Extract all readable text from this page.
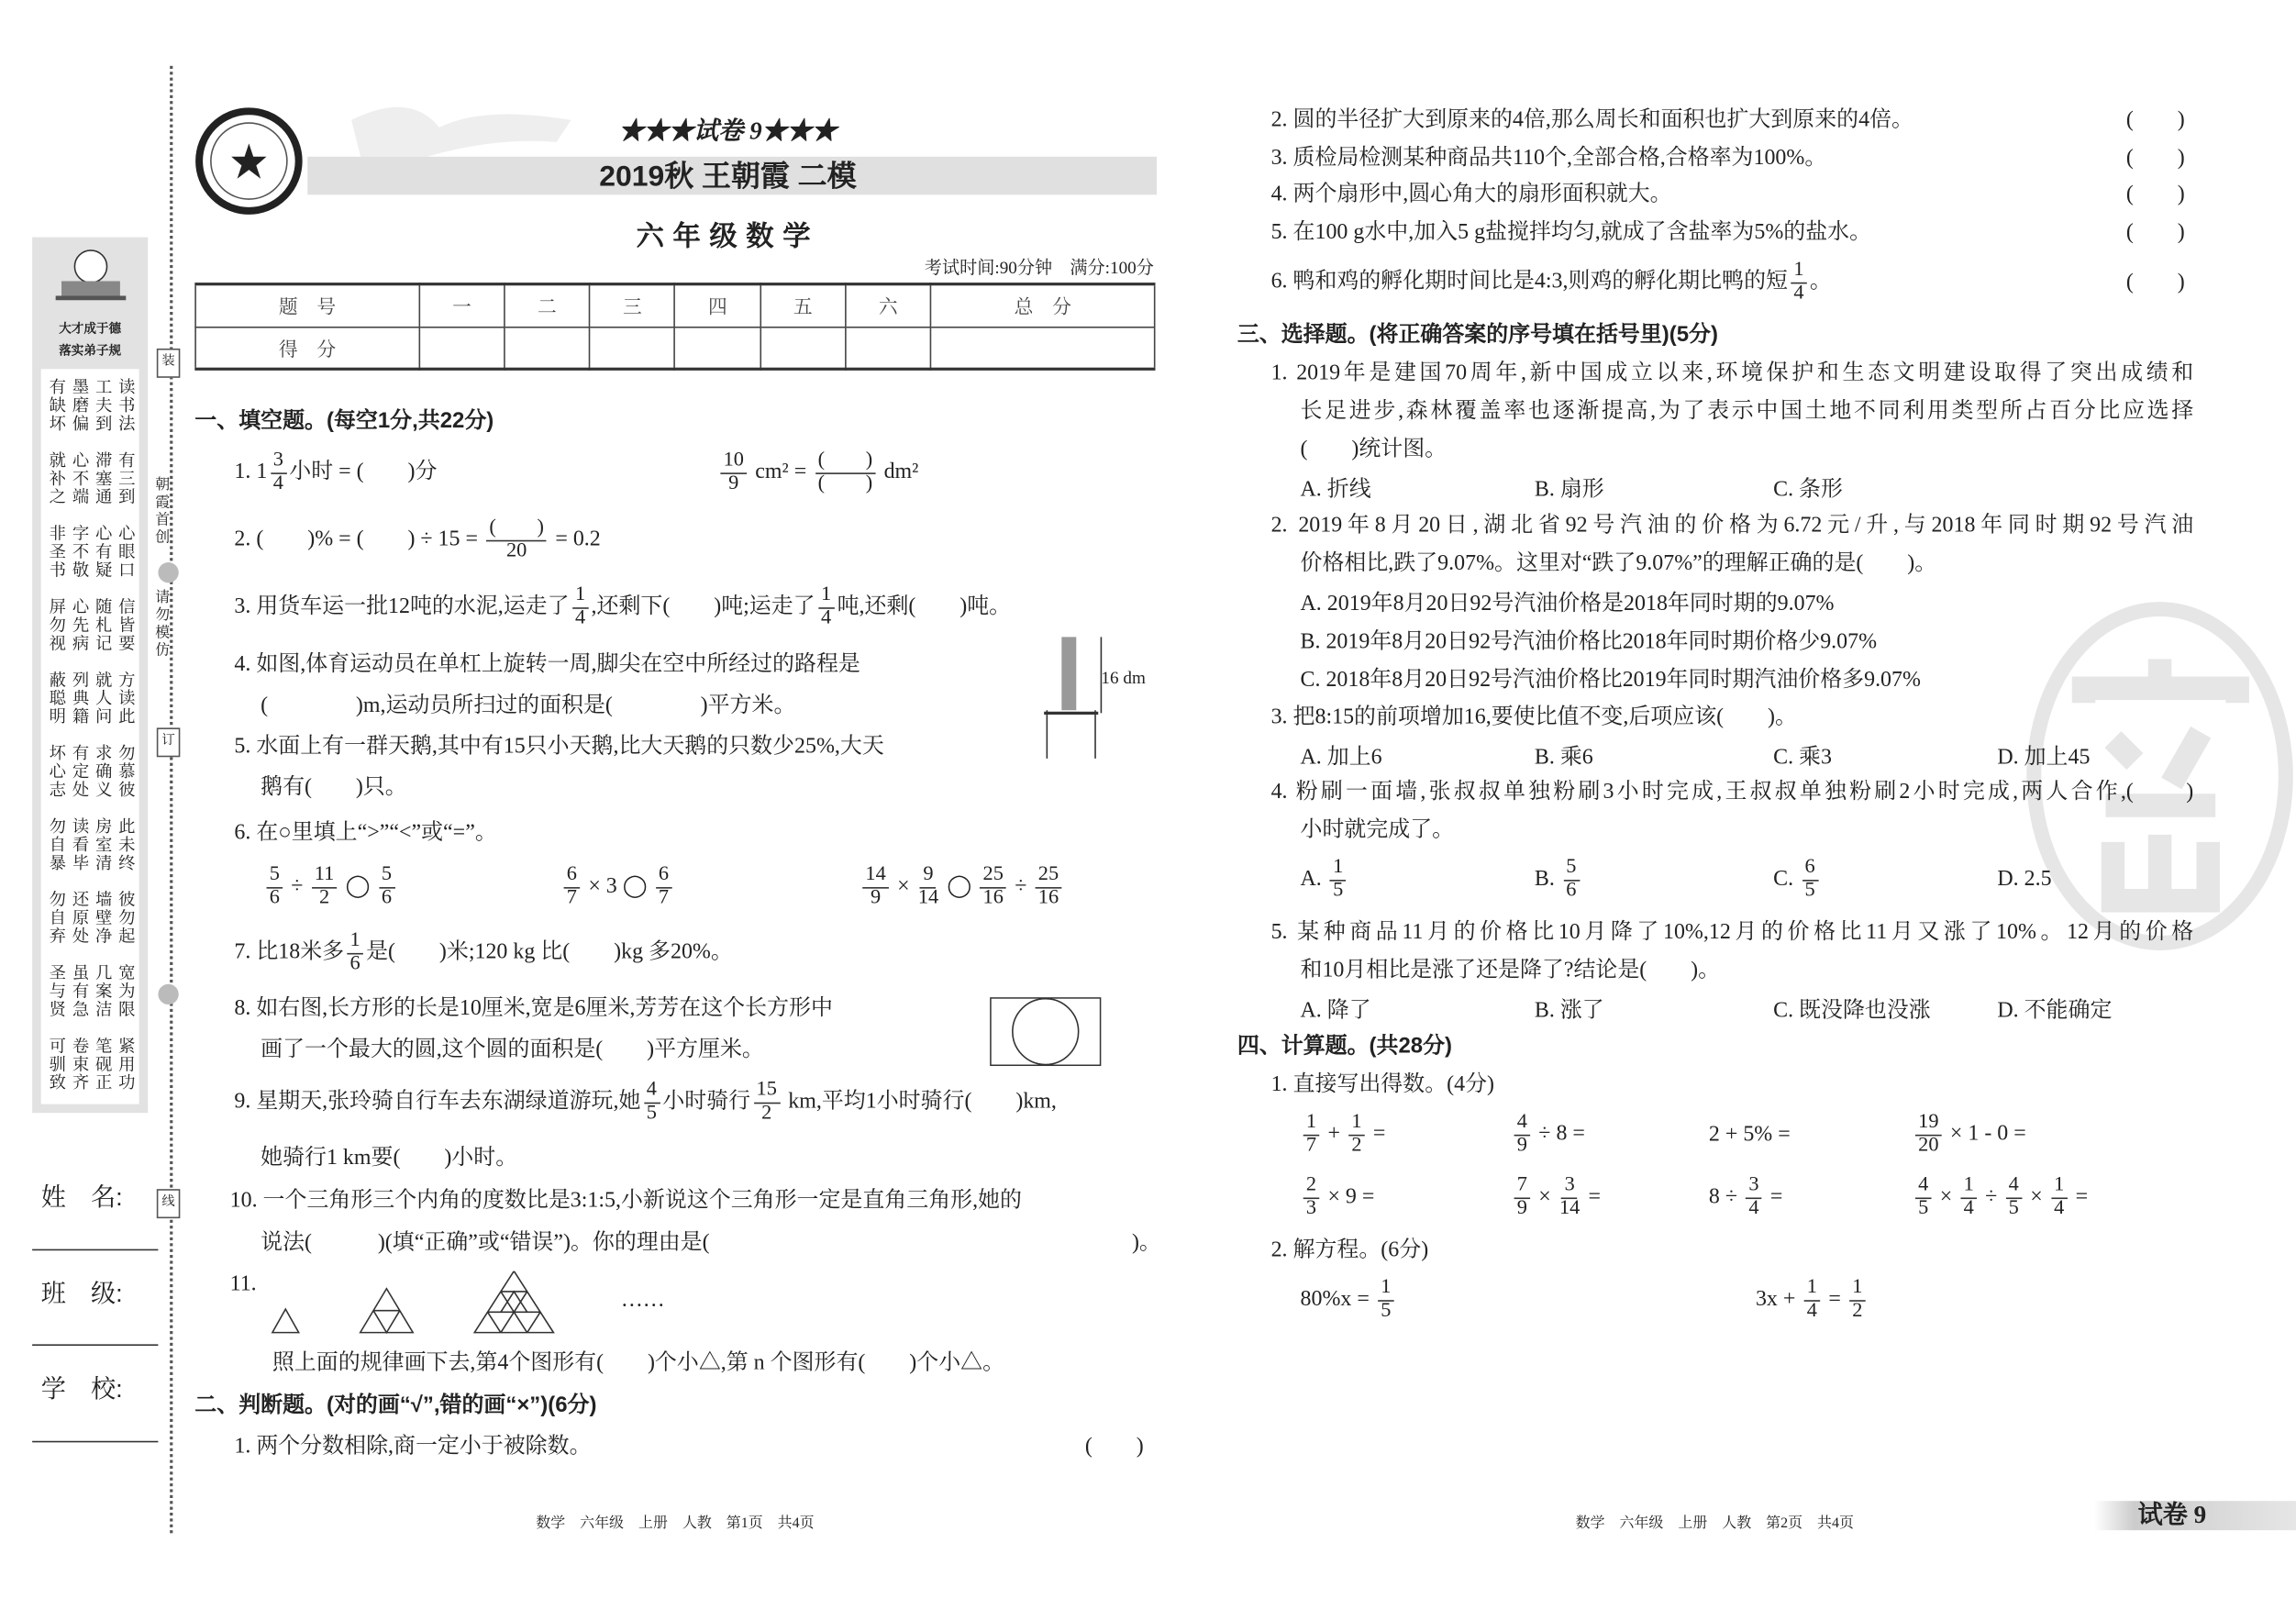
装
朝霞首创
请勿模仿
订
线
大才成于德
落实弟子规
有缺坏 墨磨偏 工夫到 读书法
就补之 心不端 滞塞通 有三到
非圣书 字不敬 心有疑 心眼口
屏勿视 心先病 随札记 信皆要
蔽聪明 列典籍 就人问 方读此
坏心志 有定处 求确义 勿慕彼
勿自暴 读看毕 房室清 此未终
勿自弃 还原处 墙壁净 彼勿起
圣与贤 虽有急 几案洁 宽为限
可驯致 卷束齐 笔砚正 紧用功
姓　名:
班　级:
学　校:
★★★试卷 9★★★
2019秋 王朝霞 二模
六年级数学
考试时间:90分钟　满分:100分
题　号	一	二	三	四	五	六	总　分
得　分							
一、填空题。(每空1分,共22分)
1. $1 \frac{3}{4}$ 小时 = (　　)分	$\frac{10}{9} cm^2$ =
(　　)
(　　) dm²
2. (　　)% = (　　) ÷ 15 =
(　　)
20 = 0.2
3. 用货车运一批12吨的水泥,运走了 $\frac{1}{4}$ ,还剩下(　　)吨;运走了 $\frac{1}{4}$ 吨,还剩(　　)吨。
4. 如图,体育运动员在单杠上旋转一周,脚尖在空中所经过的路程是
(　　　　)m,运动员所扫过的面积是(　　　　)平方米。
16 dm
5. 水面上有一群天鹅,其中有15只小天鹅,比大天鹅的只数少25%,大天
鹅有(　　)只。
6. 在○里填上“>”“<”或“=”。
$\frac{5}{6} \div \frac{11}{2}$ ◯ $\frac{5}{6}$	$\frac{6}{7} \times 3$ ◯ $\frac{6}{7}$	$\frac{14}{9} \times \frac{9}{14}$ ◯ $\frac{25}{16} \div \frac{25}{16}$
7. 比18米多 $\frac{1}{6}$ 是(　　)米;120 kg 比(　　)kg 多20%。
8. 如右图,长方形的长是10厘米,宽是6厘米,芳芳在这个长方形中
画了一个最大的圆,这个圆的面积是(　　)平方厘米。
9. 星期天,张玲骑自行车去东湖绿道游玩,她 $\frac{4}{5}$ 小时骑行 $\frac{15}{2}$ km,平均1小时骑行(　　)km,
她骑行1 km要(　　)小时。
10. 一个三角形三个内角的度数比是3:1:5,小新说这个三角形一定是直角三角形,她的
说法(　　　)(填“正确”或“错误”)。你的理由是(	)。
11.
……
照上面的规律画下去,第4个图形有(　　)个小△,第 n 个图形有(　　)个小△。
二、判断题。(对的画“√”,错的画“×”)(6分)
1. 两个分数相除,商一定小于被除数。	(　　)
数学　六年级　上册　人教　第1页　共4页
2. 圆的半径扩大到原来的4倍,那么周长和面积也扩大到原来的4倍。	(　　)
3. 质检局检测某种商品共110个,全部合格,合格率为100%。	(　　)
4. 两个扇形中,圆心角大的扇形面积就大。	(　　)
5. 在100 g水中,加入5 g盐搅拌均匀,就成了含盐率为5%的盐水。	(　　)
6. 鸭和鸡的孵化期时间比是4:3,则鸡的孵化期比鸭的短 $\frac{1}{4}$ 。	(　　)
三、选择题。(将正确答案的序号填在括号里)(5分)
1. 2019年是建国70周年,新中国成立以来,环境保护和生态文明建设取得了突出成绩和
长足进步,森林覆盖率也逐渐提高,为了表示中国土地不同利用类型所占百分比应选择
(　　)统计图。
A. 折线	B. 扇形	C. 条形
2. 2019年8月20日,湖北省92号汽油的价格为6.72元/升,与2018年同时期92号汽油
价格相比,跌了9.07%。这里对“跌了9.07%”的理解正确的是(　　)。
A. 2019年8月20日92号汽油价格是2018年同时期的9.07%
B. 2019年8月20日92号汽油价格比2018年同时期价格少9.07%
C. 2018年8月20日92号汽油价格比2019年同时期汽油价格多9.07%
3. 把8:15的前项增加16,要使比值不变,后项应该(　　)。
A. 加上6	B. 乘6	C. 乘3	D. 加上45
4. 粉刷一面墙,张叔叔单独粉刷3小时完成,王叔叔单独粉刷2小时完成,两人合作,(　　)
小时就完成了。
A. $\frac{1}{5}$	B. $\frac{5}{6}$	C. $\frac{6}{5}$	D. 2.5
5. 某种商品11月的价格比10月降了10%,12月的价格比11月又涨了10%。12月的价格
和10月相比是涨了还是降了?结论是(　　)。
A. 降了	B. 涨了	C. 既没降也没涨	D. 不能确定
四、计算题。(共28分)
1. 直接写出得数。(4分)
$\frac{1}{7} + \frac{1}{2}$ =	$\frac{4}{9} \div 8$ =	2 + 5% =	$\frac{19}{20} \times 1 - 0$ =
$\frac{2}{3} \times 9$ =	$\frac{7}{9} \times \frac{3}{14}$ =	$8 \div \frac{3}{4}$ =	$\frac{4}{5} \times \frac{1}{4} \div \frac{4}{5} \times \frac{1}{4}$ =
2. 解方程。(6分)
$80\%x = \frac{1}{5}$	$3x + \frac{1}{4} = \frac{1}{2}$
数学　六年级　上册　人教　第2页　共4页	试卷 9
